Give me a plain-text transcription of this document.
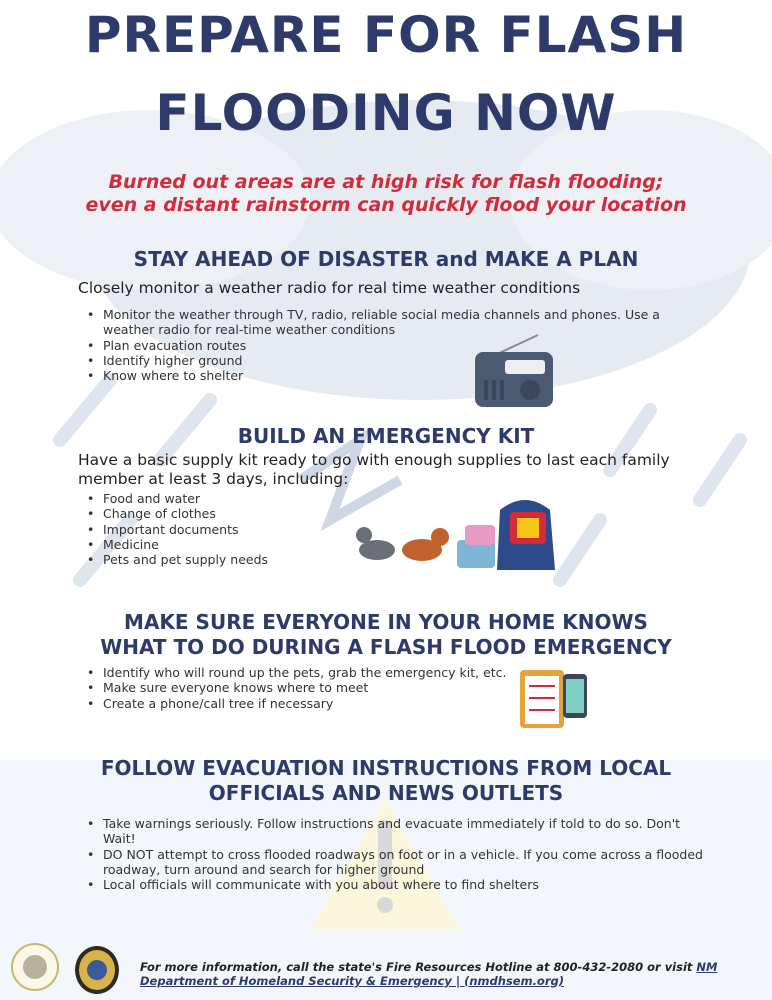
PREPARE FOR FLASH
FLOODING NOW
Burned out areas are at high risk for flash flooding;
even a distant rainstorm can quickly flood your location
STAY AHEAD OF DISASTER and MAKE A PLAN
Closely monitor a weather radio for real time weather conditions
• Monitor the weather through TV, radio, reliable social media channels and phones. Use a weather radio for real-time weather conditions
• Plan evacuation routes
• Identify higher ground
• Know where to shelter
BUILD AN EMERGENCY KIT
Have a basic supply kit ready to go with enough supplies to last each family member at least 3 days, including:
• Food and water
• Change of clothes
• Important documents
• Medicine
• Pets and pet supply needs
MAKE SURE EVERYONE IN YOUR HOME KNOWS
WHAT TO DO DURING A FLASH FLOOD EMERGENCY
• Identify who will round up the pets, grab the emergency kit, etc.
• Make sure everyone knows where to meet
• Create a phone/call tree if necessary
FOLLOW EVACUATION INSTRUCTIONS FROM LOCAL
OFFICIALS AND NEWS OUTLETS
• Take warnings seriously. Follow instructions and evacuate immediately if told to do so. Don't Wait!
• DO NOT attempt to cross flooded roadways on foot or in a vehicle. If you come across a flooded roadway, turn around and search for higher ground
• Local officials will communicate with you about where to find shelters
For more information, call the state's Fire Resources Hotline at 800-432-2080 or visit NM Department of Homeland Security & Emergency | (nmdhsem.org)
